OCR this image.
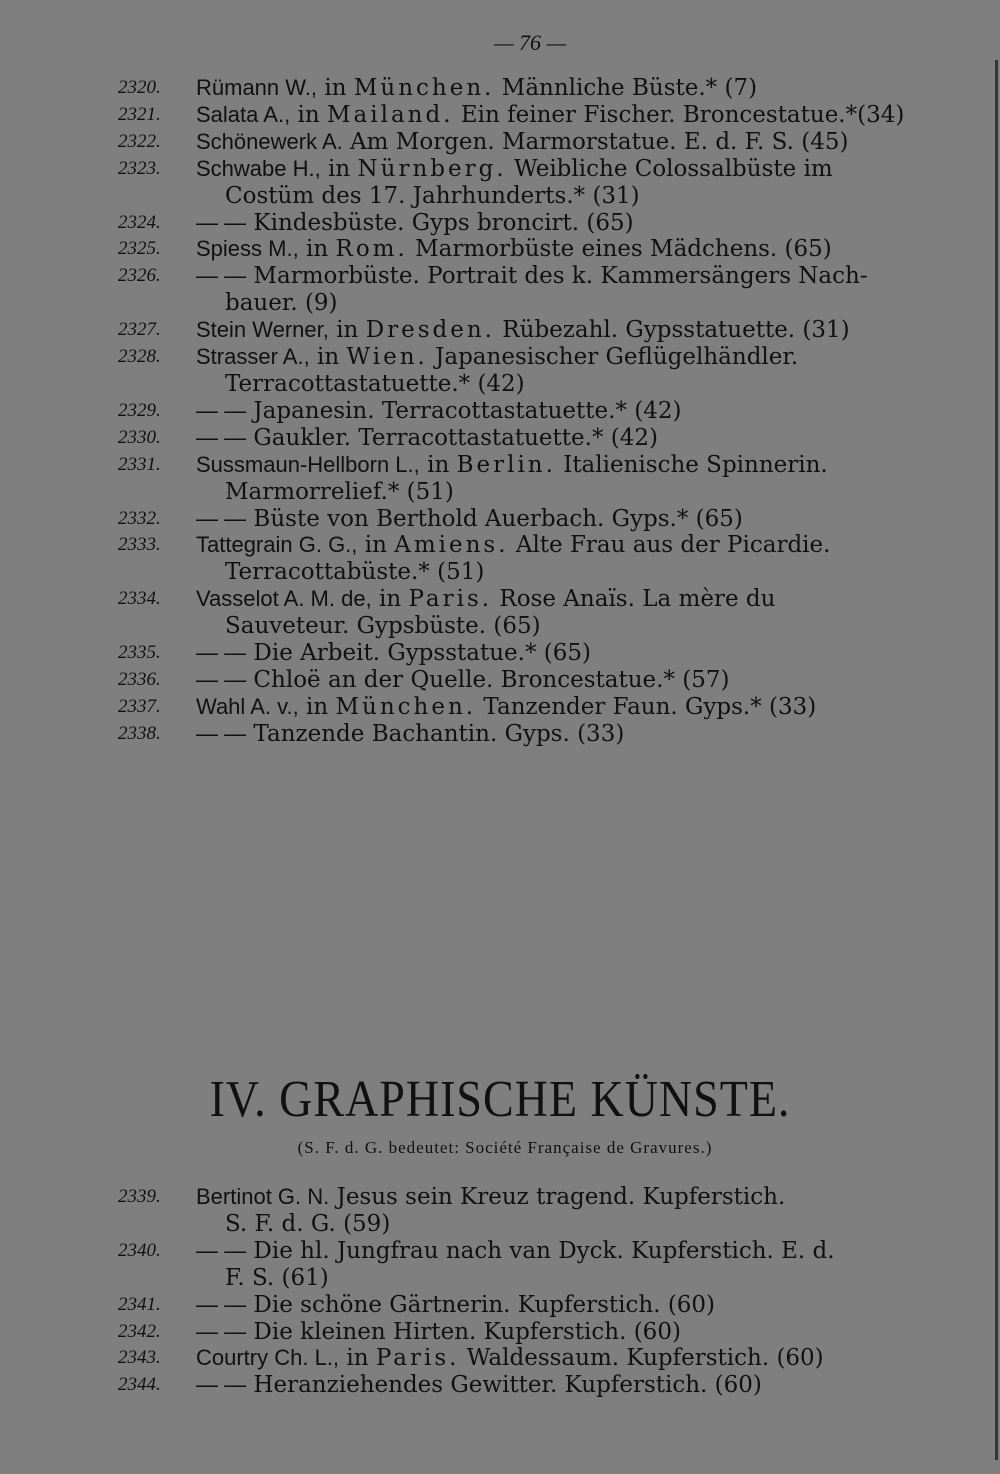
— 76 —
2320.	Rümann W., in München. Männliche Büste.* (7)
2321.	Salata A., in Mailand. Ein feiner Fischer. Broncestatue.*(34)
2322.	Schönewerk A. Am Morgen. Marmorstatue. E. d. F. S. (45)
2323.	Schwabe H., in Nürnberg. Weibliche Colossalbüste im
Costüm des 17. Jahrhunderts.* (31)
2324.	— — Kindesbüste. Gyps broncirt. (65)
2325.	Spiess M., in Rom. Marmorbüste eines Mädchens. (65)
2326.	— — Marmorbüste. Portrait des k. Kammersängers Nach-
bauer. (9)
2327.	Stein Werner, in Dresden. Rübezahl. Gypsstatuette. (31)
2328.	Strasser A., in Wien. Japanesischer Geflügelhändler.
Terracottastatuette.* (42)
2329.	— — Japanesin. Terracottastatuette.* (42)
2330.	— — Gaukler. Terracottastatuette.* (42)
2331.	Sussmaun-Hellborn L., in Berlin. Italienische Spinnerin.
Marmorrelief.* (51)
2332.	— — Büste von Berthold Auerbach. Gyps.* (65)
2333.	Tattegrain G. G., in Amiens. Alte Frau aus der Picardie.
Terracottabüste.* (51)
2334.	Vasselot A. M. de, in Paris. Rose Anaïs. La mère du
Sauveteur. Gypsbüste. (65)
2335.	— — Die Arbeit. Gypsstatue.* (65)
2336.	— — Chloë an der Quelle. Broncestatue.* (57)
2337.	Wahl A. v., in München. Tanzender Faun. Gyps.* (33)
2338.	— — Tanzende Bachantin. Gyps. (33)
IV. GRAPHISCHE KÜNSTE.
(S. F. d. G. bedeutet: Société Française de Gravures.)
2339.	Bertinot G. N. Jesus sein Kreuz tragend. Kupferstich.
S. F. d. G. (59)
2340.	— — Die hl. Jungfrau nach van Dyck. Kupferstich. E. d.
F. S. (61)
2341.	— — Die schöne Gärtnerin. Kupferstich. (60)
2342.	— — Die kleinen Hirten. Kupferstich. (60)
2343.	Courtry Ch. L., in Paris. Waldessaum. Kupferstich. (60)
2344.	— — Heranziehendes Gewitter. Kupferstich. (60)
